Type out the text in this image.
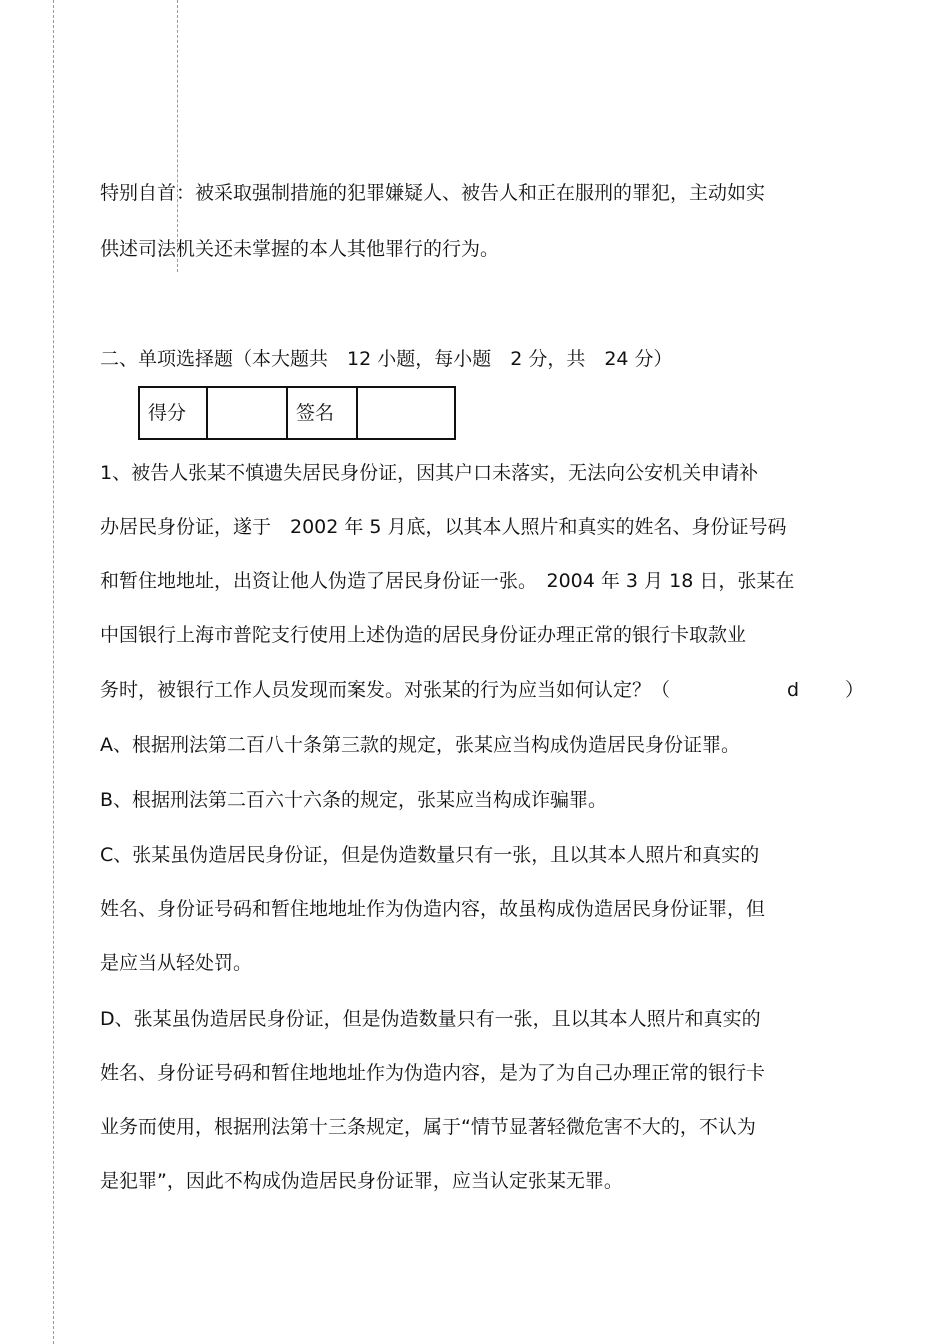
特别自首：被采取强制措施的犯罪嫌疑人、被告人和正在服刑的罪犯，主动如实

供述司法机关还未掌握的本人其他罪行的行为。

二、单项选择题（本大题共　12 小题，每小题　2 分，共　24 分）

得分		签名	

1、被告人张某不慎遗失居民身份证，因其户口未落实，无法向公安机关申请补

办居民身份证，遂于　2002 年 5 月底，以其本人照片和真实的姓名、身份证号码

和暂住地地址，出资让他人伪造了居民身份证一张。　2004 年 3 月 18 日，张某在

中国银行上海市普陀支行使用上述伪造的居民身份证办理正常的银行卡取款业

务时，被银行工作人员发现而案发。对张某的行为应当如何认定？（	d ）

A、根据刑法第二百八十条第三款的规定，张某应当构成伪造居民身份证罪。

B、根据刑法第二百六十六条的规定，张某应当构成诈骗罪。

C、张某虽伪造居民身份证，但是伪造数量只有一张，且以其本人照片和真实的

姓名、身份证号码和暂住地地址作为伪造内容，故虽构成伪造居民身份证罪，但

是应当从轻处罚。

D、张某虽伪造居民身份证，但是伪造数量只有一张，且以其本人照片和真实的

姓名、身份证号码和暂住地地址作为伪造内容，是为了为自己办理正常的银行卡

业务而使用，根据刑法第十三条规定，属于“情节显著轻微危害不大的，不认为

是犯罪”，因此不构成伪造居民身份证罪，应当认定张某无罪。
